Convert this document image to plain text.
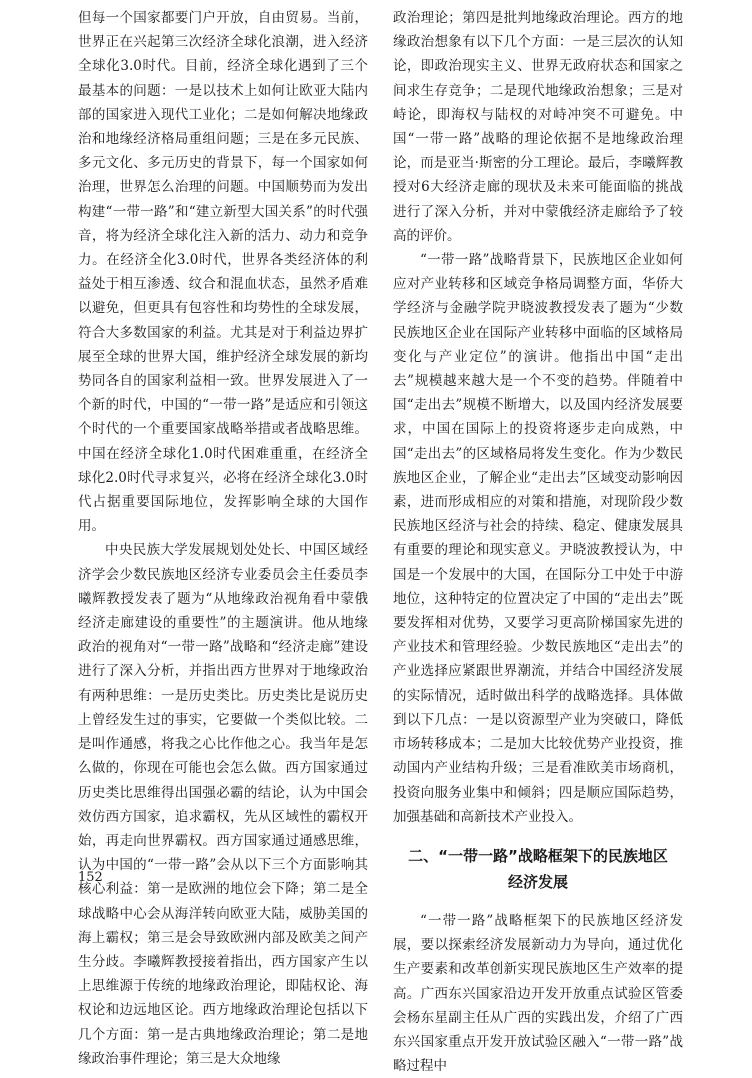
但每一个国家都要门户开放，自由贸易。当前，世界正在兴起第三次经济全球化浪潮，进入经济全球化3.0时代。目前，经济全球化遇到了三个最基本的问题：一是以技术上如何让欧亚大陆内部的国家进入现代工业化；二是如何解决地缘政治和地缘经济格局重组问题；三是在多元民族、多元文化、多元历史的背景下，每一个国家如何治理，世界怎么治理的问题。中国顺势而为发出构建“一带一路”和“建立新型大国关系”的时代强音，将为经济全球化注入新的活力、动力和竞争力。在经济全化3.0时代，世界各类经济体的利益处于相互渗透、纹合和混血状态，虽然矛盾难以避免，但更具有包容性和均势性的全球发展，符合大多数国家的利益。尤其是对于利益边界扩展至全球的世界大国，维护经济全球发展的新均势同各自的国家利益相一致。世界发展进入了一个新的时代，中国的“一带一路”是适应和引领这个时代的一个重要国家战略举措或者战略思维。中国在经济全球化1.0时代困难重重，在经济全球化2.0时代寻求复兴，必将在经济全球化3.0时代占据重要国际地位，发挥影响全球的大国作用。

中央民族大学发展规划处处长、中国区域经济学会少数民族地区经济专业委员会主任委员李曦辉教授发表了题为“从地缘政治视角看中蒙俄经济走廊建设的重要性”的主题演讲。他从地缘政治的视角对“一带一路”战略和“经济走廊”建设进行了深入分析，并指出西方世界对于地缘政治有两种思维：一是历史类比。历史类比是说历史上曾经发生过的事实，它要做一个类似比较。二是叫作通感，将我之心比作他之心。我当年是怎么做的，你现在可能也会怎么做。西方国家通过历史类比思维得出国强必霸的结论，认为中国会效仿西方国家，追求霸权，先从区域性的霸权开始，再走向世界霸权。西方国家通过通感思维，认为中国的“一带一路”会从以下三个方面影响其核心利益：第一是欧洲的地位会下降；第二是全球战略中心会从海洋转向欧亚大陆，威胁美国的海上霸权；第三是会导致欧洲内部及欧美之间产生分歧。李曦辉教授接着指出，西方国家产生以上思维源于传统的地缘政治理论，即陆权论、海权论和边远地区论。西方地缘政治理论包括以下几个方面：第一是古典地缘政治理论；第二是地缘政治事件理论；第三是大众地缘

政治理论；第四是批判地缘政治理论。西方的地缘政治想象有以下几个方面：一是三层次的认知论，即政治现实主义、世界无政府状态和国家之间求生存竞争；二是现代地缘政治想象；三是对峙论，即海权与陆权的对峙冲突不可避免。中国“一带一路”战略的理论依据不是地缘政治理论，而是亚当·斯密的分工理论。最后，李曦辉教授对6大经济走廊的现状及未来可能面临的挑战进行了深入分析，并对中蒙俄经济走廊给予了较高的评价。

“一带一路”战略背景下，民族地区企业如何应对产业转移和区域竞争格局调整方面，华侨大学经济与金融学院尹晓波教授发表了题为“少数民族地区企业在国际产业转移中面临的区域格局变化与产业定位”的演讲。他指出中国“走出去”规模越来越大是一个不变的趋势。伴随着中国“走出去”规模不断增大，以及国内经济发展要求，中国在国际上的投资将逐步走向成熟，中国“走出去”的区域格局将发生变化。作为少数民族地区企业，了解企业“走出去”区域变动影响因素，进而形成相应的对策和措施，对现阶段少数民族地区经济与社会的持续、稳定、健康发展具有重要的理论和现实意义。尹晓波教授认为，中国是一个发展中的大国，在国际分工中处于中游地位，这种特定的位置决定了中国的“走出去”既要发挥相对优势，又要学习更高阶梯国家先进的产业技术和管理经验。少数民族地区“走出去”的产业选择应紧跟世界潮流，并结合中国经济发展的实际情况，适时做出科学的战略选择。具体做到以下几点：一是以资源型产业为突破口，降低市场转移成本；二是加大比较优势产业投资，推动国内产业结构升级；三是看准欧美市场商机，投资向服务业集中和倾斜；四是顺应国际趋势，加强基础和高新技术产业投入。

二、“一带一路”战略框架下的民族地区
经济发展

“一带一路”战略框架下的民族地区经济发展，要以探索经济发展新动力为导向，通过优化生产要素和改革创新实现民族地区生产效率的提高。广西东兴国家沿边开发开放重点试验区管委会杨东星副主任从广西的实践出发，介绍了广西东兴国家重点开发开放试验区融入“一带一路”战略过程中

152
